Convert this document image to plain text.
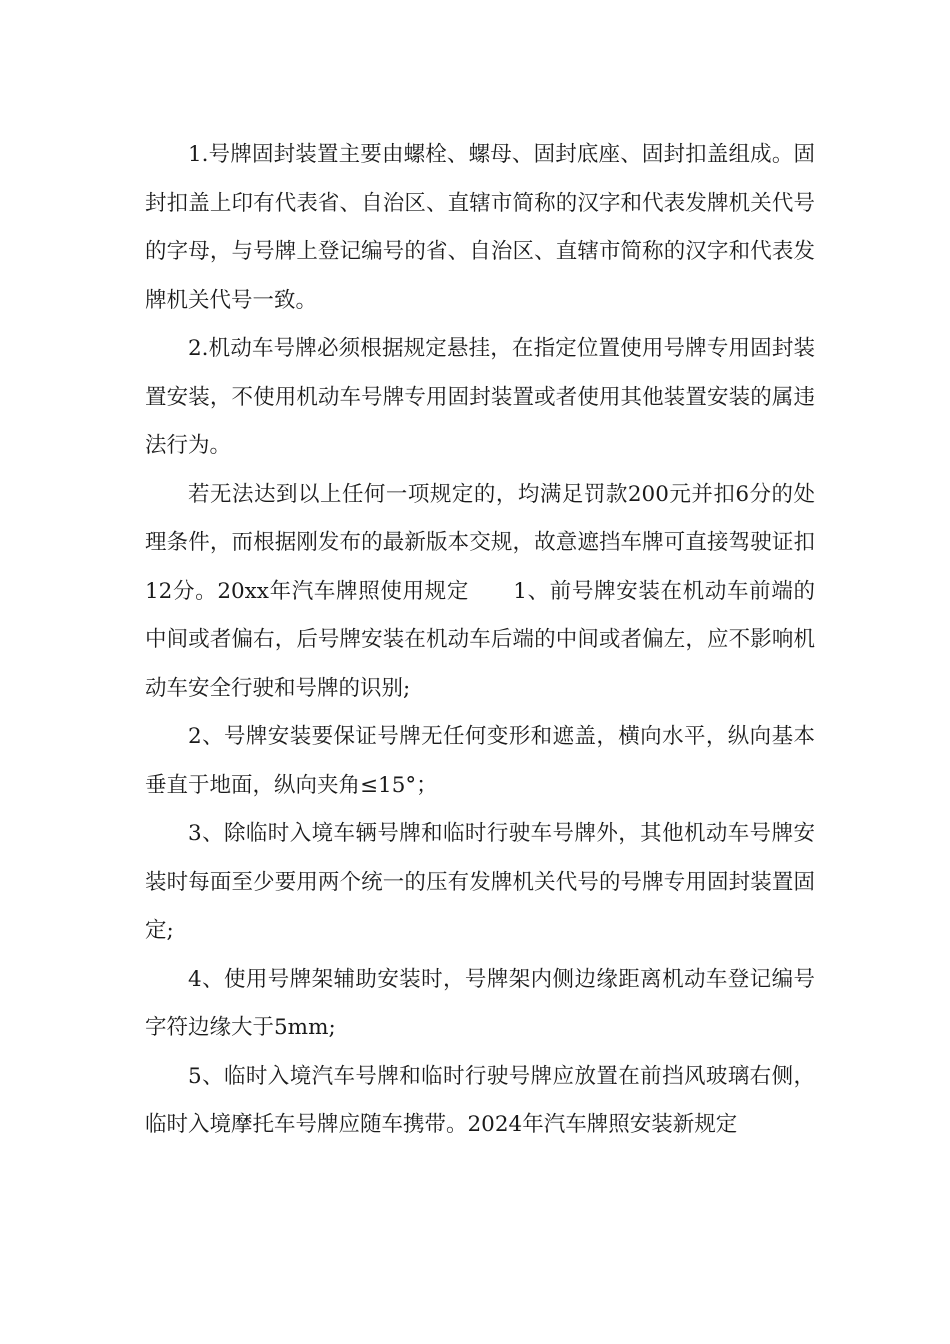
1.号牌固封装置主要由螺栓、螺母、固封底座、固封扣盖组成。固封扣盖上印有代表省、自治区、直辖市简称的汉字和代表发牌机关代号的字母，与号牌上登记编号的省、自治区、直辖市简称的汉字和代表发牌机关代号一致。

2.机动车号牌必须根据规定悬挂，在指定位置使用号牌专用固封装置安装，不使用机动车号牌专用固封装置或者使用其他装置安装的属违法行为。

若无法达到以上任何一项规定的，均满足罚款200元并扣6分的处理条件，而根据刚发布的最新版本交规，故意遮挡车牌可直接驾驶证扣12分。20xx年汽车牌照使用规定　　1、前号牌安装在机动车前端的中间或者偏右，后号牌安装在机动车后端的中间或者偏左，应不影响机动车安全行驶和号牌的识别;

2、号牌安装要保证号牌无任何变形和遮盖，横向水平，纵向基本垂直于地面，纵向夹角≤15°；

3、除临时入境车辆号牌和临时行驶车号牌外，其他机动车号牌安装时每面至少要用两个统一的压有发牌机关代号的号牌专用固封装置固定;

4、使用号牌架辅助安装时，号牌架内侧边缘距离机动车登记编号字符边缘大于5mm;

5、临时入境汽车号牌和临时行驶号牌应放置在前挡风玻璃右侧，临时入境摩托车号牌应随车携带。2024年汽车牌照安装新规定
